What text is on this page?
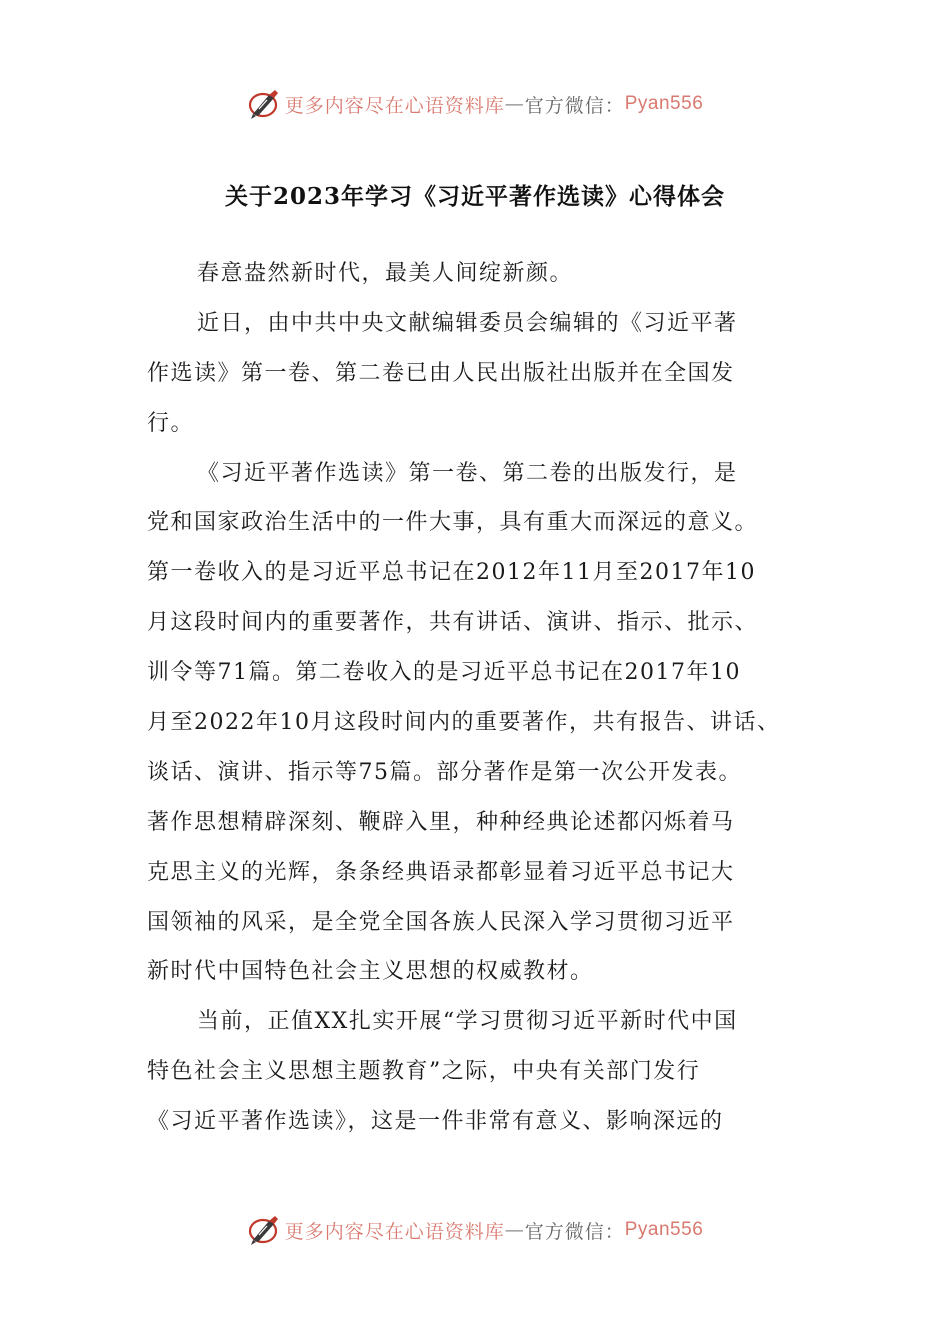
更多内容尽在心语资料库 — 官方微信： Pyan556
关于2023年学习《习近平著作选读》心得体会
春意盎然新时代，最美人间绽新颜。
近日，由中共中央文献编辑委员会编辑的《习近平著
作选读》第一卷、第二卷已由人民出版社出版并在全国发
行。
《习近平著作选读》第一卷、第二卷的出版发行，是
党和国家政治生活中的一件大事，具有重大而深远的意义。
第一卷收入的是习近平总书记在2012年11月至2017年10
月这段时间内的重要著作，共有讲话、演讲、指示、批示、
训令等71篇。第二卷收入的是习近平总书记在2017年10
月至2022年10月这段时间内的重要著作，共有报告、讲话、
谈话、演讲、指示等75篇。部分著作是第一次公开发表。
著作思想精辟深刻、鞭辟入里，种种经典论述都闪烁着马
克思主义的光辉，条条经典语录都彰显着习近平总书记大
国领袖的风采，是全党全国各族人民深入学习贯彻习近平
新时代中国特色社会主义思想的权威教材。
当前，正值XX扎实开展“学习贯彻习近平新时代中国
特色社会主义思想主题教育”之际，中央有关部门发行
《习近平著作选读》，这是一件非常有意义、影响深远的
更多内容尽在心语资料库 — 官方微信： Pyan556
